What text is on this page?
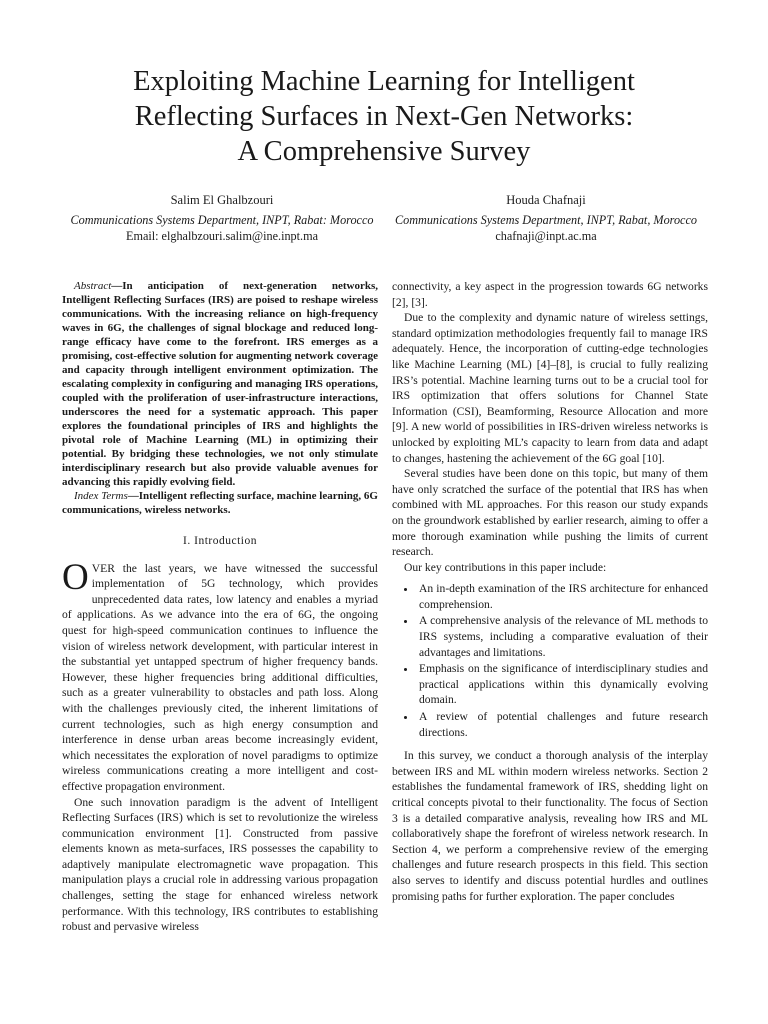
Exploiting Machine Learning for Intelligent
Reflecting Surfaces in Next-Gen Networks:
A Comprehensive Survey
Salim El Ghalbzouri
Communications Systems Department, INPT, Rabat: Morocco
Email: elghalbzouri.salim@ine.inpt.ma
Houda Chafnaji
Communications Systems Department, INPT, Rabat, Morocco
chafnaji@inpt.ac.ma

Abstract—In anticipation of next-generation networks, Intelligent Reflecting Surfaces (IRS) are poised to reshape wireless communications. With the increasing reliance on high-frequency waves in 6G, the challenges of signal blockage and reduced long-range efficacy have come to the forefront. IRS emerges as a promising, cost-effective solution for augmenting network coverage and capacity through intelligent environment optimization. The escalating complexity in configuring and managing IRS operations, coupled with the proliferation of user-infrastructure interactions, underscores the need for a systematic approach. This paper explores the foundational principles of IRS and highlights the pivotal role of Machine Learning (ML) in optimizing their potential. By bridging these technologies, we not only stimulate interdisciplinary research but also provide valuable avenues for advancing this rapidly evolving field.

Index Terms—Intelligent reflecting surface, machine learning, 6G communications, wireless networks.

I. Introduction

OVER the last years, we have witnessed the successful implementation of 5G technology, which provides unprecedented data rates, low latency and enables a myriad of applications. As we advance into the era of 6G, the ongoing quest for high-speed communication continues to influence the vision of wireless network development, with particular interest in the substantial yet untapped spectrum of higher frequency bands. However, these higher frequencies bring additional difficulties, such as a greater vulnerability to obstacles and path loss. Along with the challenges previously cited, the inherent limitations of current technologies, such as high energy consumption and interference in dense urban areas become increasingly evident, which necessitates the exploration of novel paradigms to optimize wireless communications creating a more intelligent and cost-effective propagation environment.

One such innovation paradigm is the advent of Intelligent Reflecting Surfaces (IRS) which is set to revolutionize the wireless communication environment [1]. Constructed from passive elements known as meta-surfaces, IRS possesses the capability to adaptively manipulate electromagnetic wave propagation. This manipulation plays a crucial role in addressing various propagation challenges, setting the stage for enhanced wireless network performance. With this technology, IRS contributes to establishing robust and pervasive wireless

connectivity, a key aspect in the progression towards 6G networks [2], [3].

Due to the complexity and dynamic nature of wireless settings, standard optimization methodologies frequently fail to manage IRS adequately. Hence, the incorporation of cutting-edge technologies like Machine Learning (ML) [4]–[8], is crucial to fully realizing IRS’s potential. Machine learning turns out to be a crucial tool for IRS optimization that offers solutions for Channel State Information (CSI), Beamforming, Resource Allocation and more [9]. A new world of possibilities in IRS-driven wireless networks is unlocked by exploiting ML’s capacity to learn from data and adapt to changes, hastening the achievement of the 6G goal [10].

Several studies have been done on this topic, but many of them have only scratched the surface of the potential that IRS has when combined with ML approaches. For this reason our study expands on the groundwork established by earlier research, aiming to offer a more thorough examination while pushing the limits of current research.

Our key contributions in this paper include:

• An in-depth examination of the IRS architecture for enhanced comprehension.
• A comprehensive analysis of the relevance of ML methods to IRS systems, including a comparative evaluation of their advantages and limitations.
• Emphasis on the significance of interdisciplinary studies and practical applications within this dynamically evolving domain.
• A review of potential challenges and future research directions.

In this survey, we conduct a thorough analysis of the interplay between IRS and ML within modern wireless networks. Section 2 establishes the fundamental framework of IRS, shedding light on critical concepts pivotal to their functionality. The focus of Section 3 is a detailed comparative analysis, revealing how IRS and ML collaboratively shape the forefront of wireless network research. In Section 4, we perform a comprehensive review of the emerging challenges and future research prospects in this field. This section also serves to identify and discuss potential hurdles and outlines promising paths for further exploration. The paper concludes
